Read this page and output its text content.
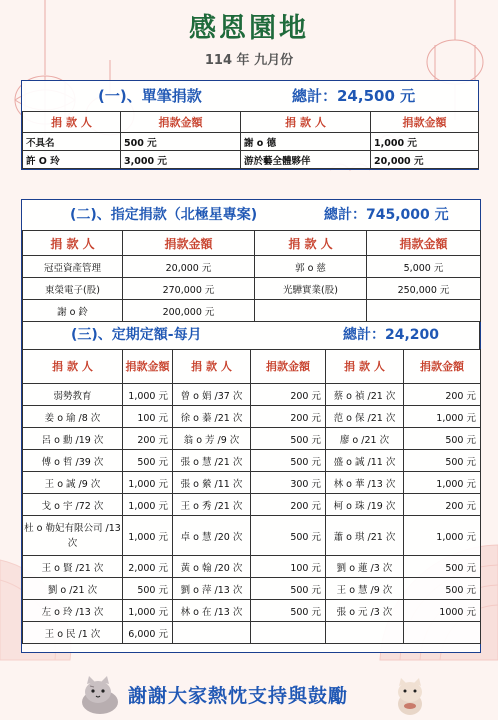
感恩園地
114 年 九月份
(一)、單筆捐款	總計：24,500 元
捐 款 人	捐款金額	捐 款 人	捐款金額
不具名	500 元	謝 o 德	1,000 元
許 O 玲	3,000 元	游於藝全體夥伴	20,000 元
(二)、指定捐款（北極星專案)	總計：745,000 元
捐 款 人	捐款金額	捐 款 人	捐款金額
冠亞資產管理	20,000 元	郭 o 慈	5,000 元
東榮電子(股)	270,000 元	光驊實業(股)	250,000 元
謝 o 鈴	200,000 元		
(三)、定期定額-每月	總計：24,200
捐 款 人	捐款金額	捐 款 人	捐款金額	捐 款 人	捐款金額
弱勢教育	1,000 元	曾 o 娟 /37 次	200 元	蔡 o 禎 /21 次	200 元
姜 o 瑜 /8 次	100 元	徐 o 蓁 /21 次	200 元	范 o 保 /21 次	1,000 元
呂 o 勳 /19 次	200 元	翁 o 芳 /9 次	500 元	廖 o /21 次	500 元
傅 o 哲 /39 次	500 元	張 o 慧 /21 次	500 元	盛 o 誠 /11 次	500 元
王 o 誠 /9 次	1,000 元	張 o 縈 /11 次	300 元	林 o 華 /13 次	1,000 元
戈 o 宇 /72 次	1,000 元	王 o 秀 /21 次	200 元	柯 o 珠 /19 次	200 元
杜 o 勒妃有限公司 /13 次	1,000 元	卓 o 慧 /20 次	500 元	蕭 o 琪 /21 次	1,000 元
王 o 賢 /21 次	2,000 元	黃 o 翰 /20 次	100 元	劉 o 蓮 /3 次	500 元
劉 o /21 次	500 元	劉 o 萍 /13 次	500 元	王 o 慧 /9 次	500 元
左 o 玲 /13 次	1,000 元	林 o 在 /13 次	500 元	張 o 元 /3 次	1000 元
王 o 民 /1 次	6,000 元				
謝謝大家熱忱支持與鼓勵
